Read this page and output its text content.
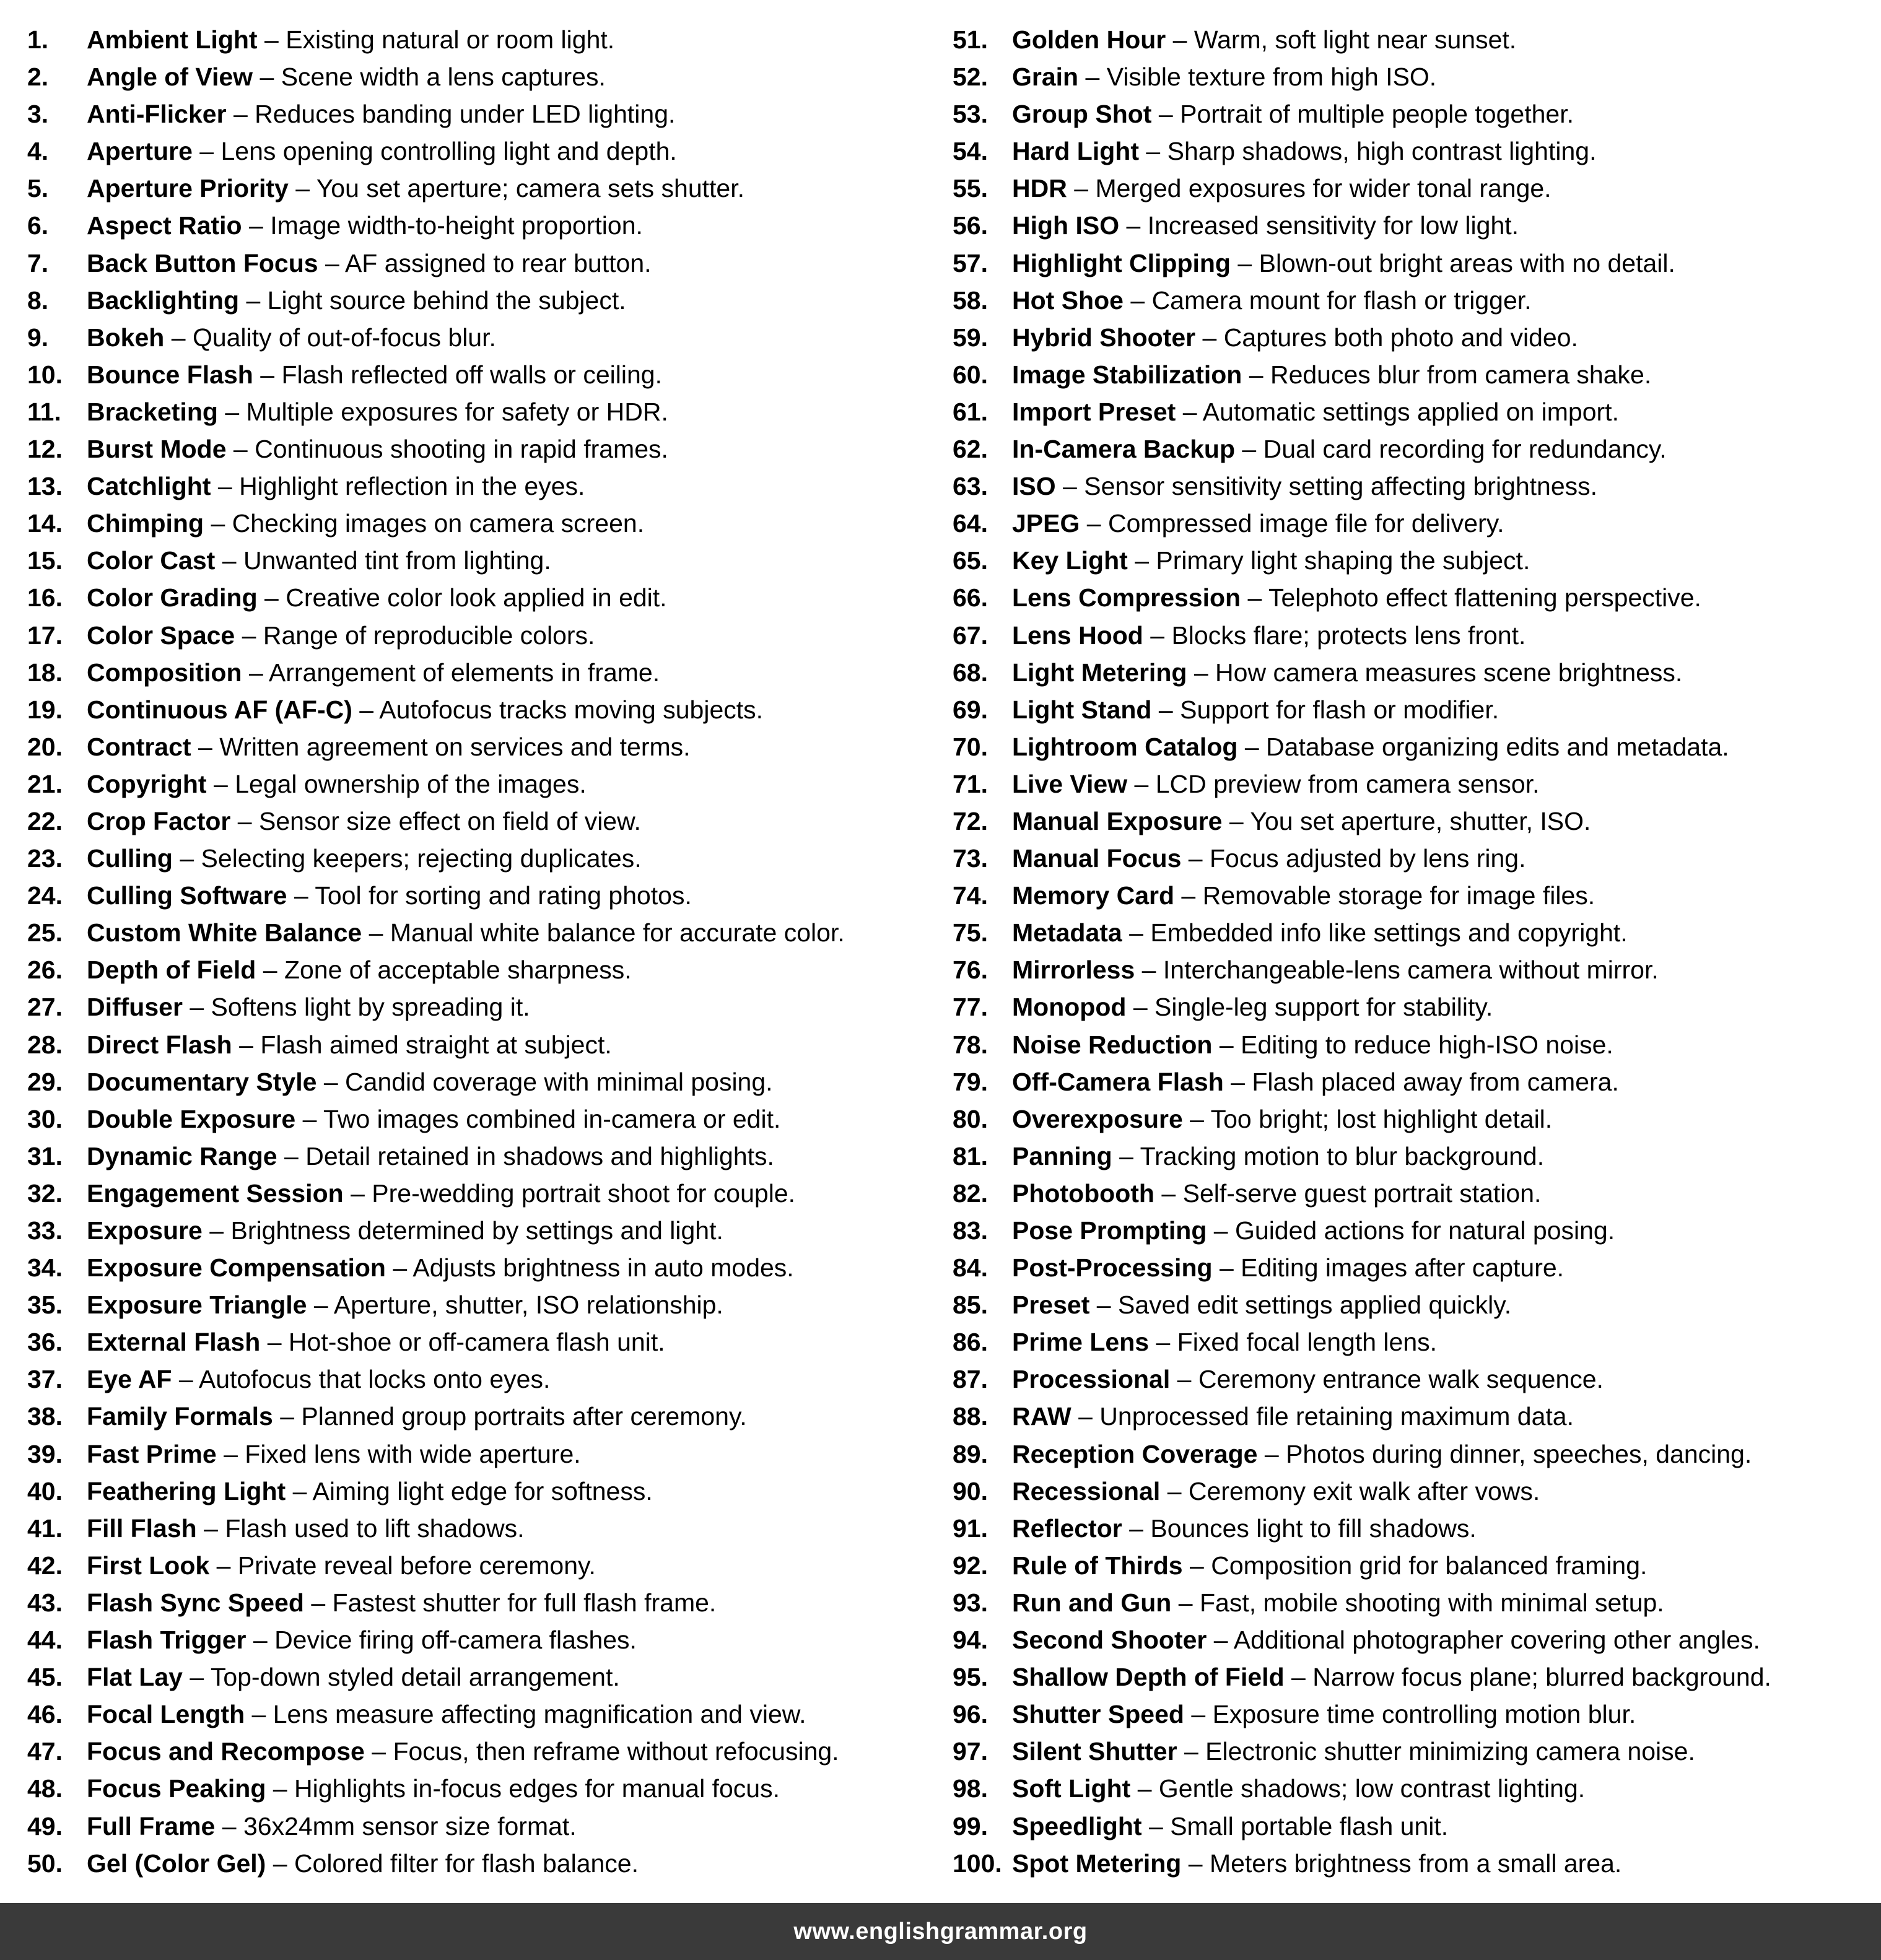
1. Ambient Light – Existing natural or room light.
2. Angle of View – Scene width a lens captures.
3. Anti-Flicker – Reduces banding under LED lighting.
4. Aperture – Lens opening controlling light and depth.
5. Aperture Priority – You set aperture; camera sets shutter.
6. Aspect Ratio – Image width-to-height proportion.
7. Back Button Focus – AF assigned to rear button.
8. Backlighting – Light source behind the subject.
9. Bokeh – Quality of out-of-focus blur.
10. Bounce Flash – Flash reflected off walls or ceiling.
11. Bracketing – Multiple exposures for safety or HDR.
12. Burst Mode – Continuous shooting in rapid frames.
13. Catchlight – Highlight reflection in the eyes.
14. Chimping – Checking images on camera screen.
15. Color Cast – Unwanted tint from lighting.
16. Color Grading – Creative color look applied in edit.
17. Color Space – Range of reproducible colors.
18. Composition – Arrangement of elements in frame.
19. Continuous AF (AF-C) – Autofocus tracks moving subjects.
20. Contract – Written agreement on services and terms.
21. Copyright – Legal ownership of the images.
22. Crop Factor – Sensor size effect on field of view.
23. Culling – Selecting keepers; rejecting duplicates.
24. Culling Software – Tool for sorting and rating photos.
25. Custom White Balance – Manual white balance for accurate color.
26. Depth of Field – Zone of acceptable sharpness.
27. Diffuser – Softens light by spreading it.
28. Direct Flash – Flash aimed straight at subject.
29. Documentary Style – Candid coverage with minimal posing.
30. Double Exposure – Two images combined in-camera or edit.
31. Dynamic Range – Detail retained in shadows and highlights.
32. Engagement Session – Pre-wedding portrait shoot for couple.
33. Exposure – Brightness determined by settings and light.
34. Exposure Compensation – Adjusts brightness in auto modes.
35. Exposure Triangle – Aperture, shutter, ISO relationship.
36. External Flash – Hot-shoe or off-camera flash unit.
37. Eye AF – Autofocus that locks onto eyes.
38. Family Formals – Planned group portraits after ceremony.
39. Fast Prime – Fixed lens with wide aperture.
40. Feathering Light – Aiming light edge for softness.
41. Fill Flash – Flash used to lift shadows.
42. First Look – Private reveal before ceremony.
43. Flash Sync Speed – Fastest shutter for full flash frame.
44. Flash Trigger – Device firing off-camera flashes.
45. Flat Lay – Top-down styled detail arrangement.
46. Focal Length – Lens measure affecting magnification and view.
47. Focus and Recompose – Focus, then reframe without refocusing.
48. Focus Peaking – Highlights in-focus edges for manual focus.
49. Full Frame – 36x24mm sensor size format.
50. Gel (Color Gel) – Colored filter for flash balance.
51. Golden Hour – Warm, soft light near sunset.
52. Grain – Visible texture from high ISO.
53. Group Shot – Portrait of multiple people together.
54. Hard Light – Sharp shadows, high contrast lighting.
55. HDR – Merged exposures for wider tonal range.
56. High ISO – Increased sensitivity for low light.
57. Highlight Clipping – Blown-out bright areas with no detail.
58. Hot Shoe – Camera mount for flash or trigger.
59. Hybrid Shooter – Captures both photo and video.
60. Image Stabilization – Reduces blur from camera shake.
61. Import Preset – Automatic settings applied on import.
62. In-Camera Backup – Dual card recording for redundancy.
63. ISO – Sensor sensitivity setting affecting brightness.
64. JPEG – Compressed image file for delivery.
65. Key Light – Primary light shaping the subject.
66. Lens Compression – Telephoto effect flattening perspective.
67. Lens Hood – Blocks flare; protects lens front.
68. Light Metering – How camera measures scene brightness.
69. Light Stand – Support for flash or modifier.
70. Lightroom Catalog – Database organizing edits and metadata.
71. Live View – LCD preview from camera sensor.
72. Manual Exposure – You set aperture, shutter, ISO.
73. Manual Focus – Focus adjusted by lens ring.
74. Memory Card – Removable storage for image files.
75. Metadata – Embedded info like settings and copyright.
76. Mirrorless – Interchangeable-lens camera without mirror.
77. Monopod – Single-leg support for stability.
78. Noise Reduction – Editing to reduce high-ISO noise.
79. Off-Camera Flash – Flash placed away from camera.
80. Overexposure – Too bright; lost highlight detail.
81. Panning – Tracking motion to blur background.
82. Photobooth – Self-serve guest portrait station.
83. Pose Prompting – Guided actions for natural posing.
84. Post-Processing – Editing images after capture.
85. Preset – Saved edit settings applied quickly.
86. Prime Lens – Fixed focal length lens.
87. Processional – Ceremony entrance walk sequence.
88. RAW – Unprocessed file retaining maximum data.
89. Reception Coverage – Photos during dinner, speeches, dancing.
90. Recessional – Ceremony exit walk after vows.
91. Reflector – Bounces light to fill shadows.
92. Rule of Thirds – Composition grid for balanced framing.
93. Run and Gun – Fast, mobile shooting with minimal setup.
94. Second Shooter – Additional photographer covering other angles.
95. Shallow Depth of Field – Narrow focus plane; blurred background.
96. Shutter Speed – Exposure time controlling motion blur.
97. Silent Shutter – Electronic shutter minimizing camera noise.
98. Soft Light – Gentle shadows; low contrast lighting.
99. Speedlight – Small portable flash unit.
100. Spot Metering – Meters brightness from a small area.
www.englishgrammar.org
